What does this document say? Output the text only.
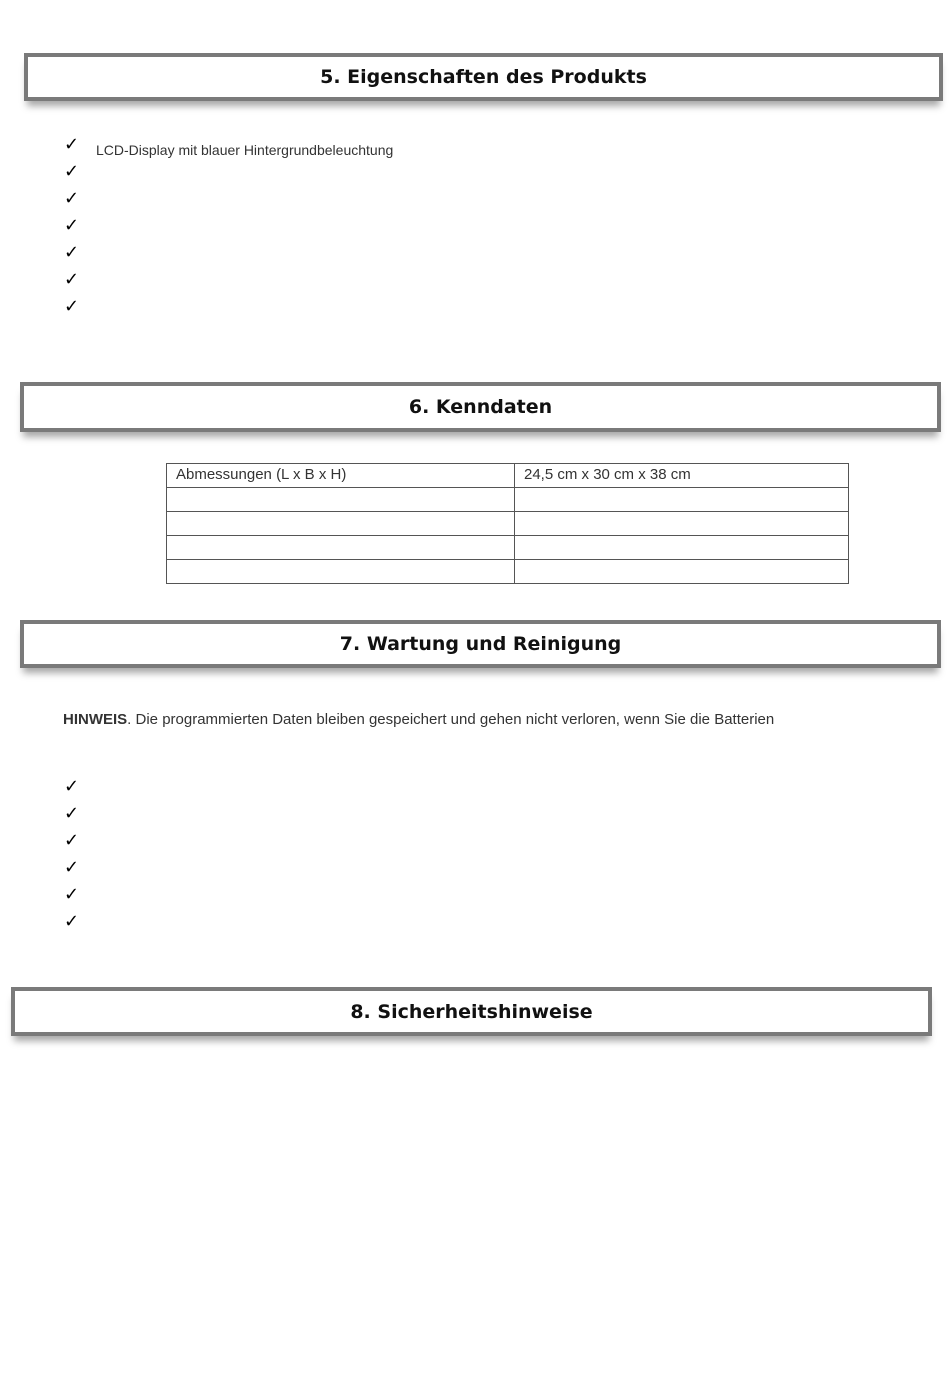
5. Eigenschaften des Produkts
✓ LCD-Display mit blauer Hintergrundbeleuchtung
✓
✓
✓
✓
✓
✓
6. Kenndaten
Abmessungen (L x B x H)	24,5 cm x 30 cm x 38 cm

7. Wartung und Reinigung
HINWEIS. Die programmierten Daten bleiben gespeichert und gehen nicht verloren, wenn Sie die Batterien
✓
✓
✓
✓
✓
✓
8. Sicherheitshinweise
